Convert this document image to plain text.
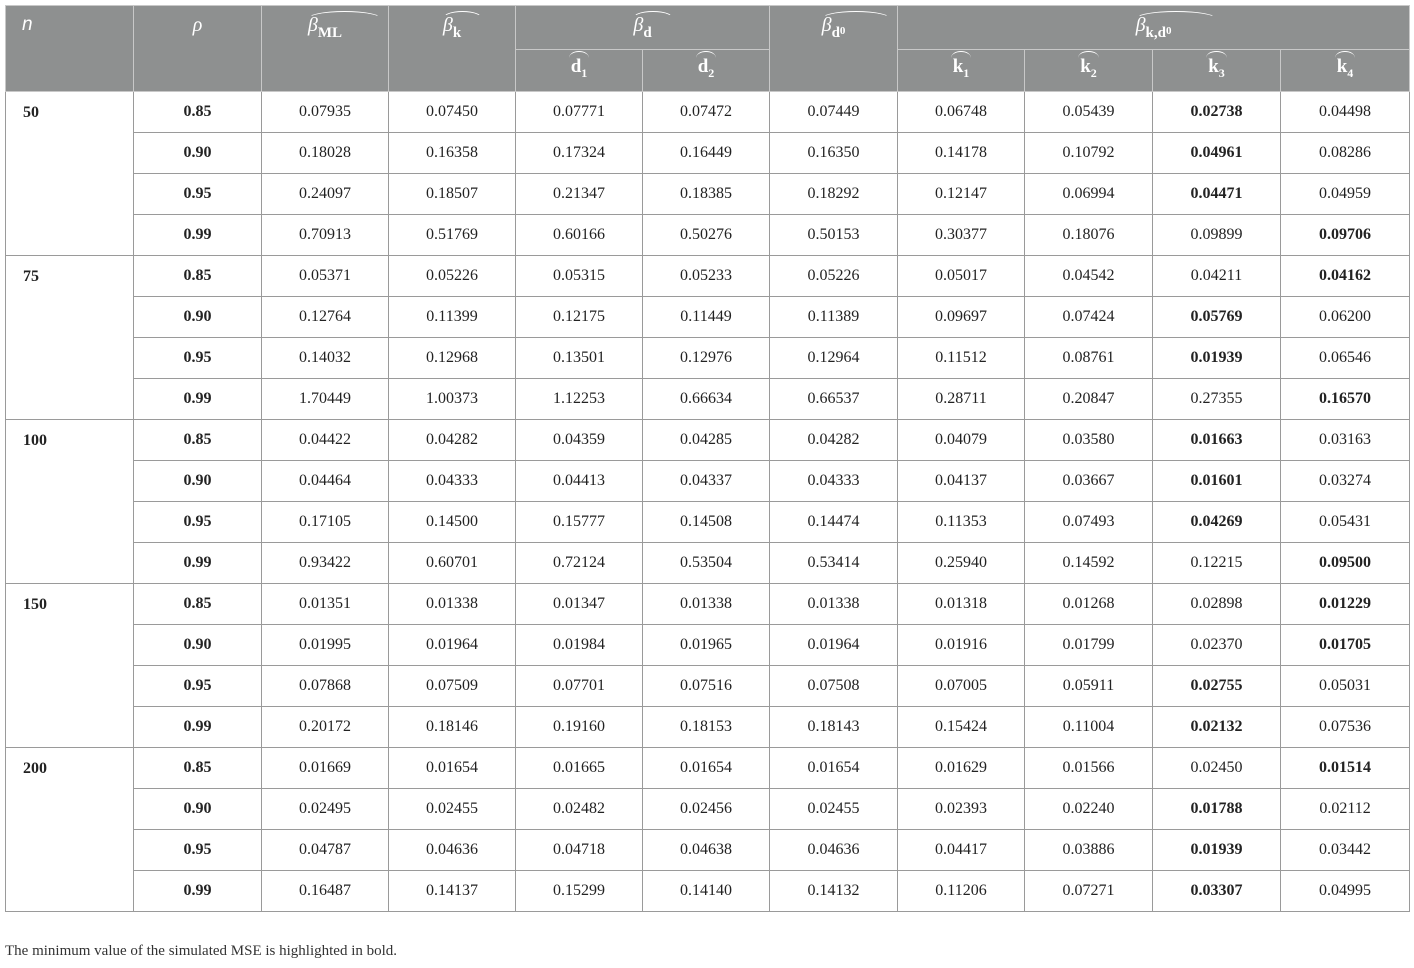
n	ρ	$\beta_{ML}$	$\beta_k$	$\beta_d$		$\beta_d0$	$\beta_{k,d}0$			
				$d_1$	$d_2$		$k_1$	$k_2$	$k_3$	$k_4$
50	0.85	0.07935	0.07450	0.07771	0.07472	0.07449	0.06748	0.05439	0.02738	0.04498
	0.90	0.18028	0.16358	0.17324	0.16449	0.16350	0.14178	0.10792	0.04961	0.08286
	0.95	0.24097	0.18507	0.21347	0.18385	0.18292	0.12147	0.06994	0.04471	0.04959
	0.99	0.70913	0.51769	0.60166	0.50276	0.50153	0.30377	0.18076	0.09899	0.09706
75	0.85	0.05371	0.05226	0.05315	0.05233	0.05226	0.05017	0.04542	0.04211	0.04162
	0.90	0.12764	0.11399	0.12175	0.11449	0.11389	0.09697	0.07424	0.05769	0.06200
	0.95	0.14032	0.12968	0.13501	0.12976	0.12964	0.11512	0.08761	0.01939	0.06546
	0.99	1.70449	1.00373	1.12253	0.66634	0.66537	0.28711	0.20847	0.27355	0.16570
100	0.85	0.04422	0.04282	0.04359	0.04285	0.04282	0.04079	0.03580	0.01663	0.03163
	0.90	0.04464	0.04333	0.04413	0.04337	0.04333	0.04137	0.03667	0.01601	0.03274
	0.95	0.17105	0.14500	0.15777	0.14508	0.14474	0.11353	0.07493	0.04269	0.05431
	0.99	0.93422	0.60701	0.72124	0.53504	0.53414	0.25940	0.14592	0.12215	0.09500
150	0.85	0.01351	0.01338	0.01347	0.01338	0.01338	0.01318	0.01268	0.02898	0.01229
	0.90	0.01995	0.01964	0.01984	0.01965	0.01964	0.01916	0.01799	0.02370	0.01705
	0.95	0.07868	0.07509	0.07701	0.07516	0.07508	0.07005	0.05911	0.02755	0.05031
	0.99	0.20172	0.18146	0.19160	0.18153	0.18143	0.15424	0.11004	0.02132	0.07536
200	0.85	0.01669	0.01654	0.01665	0.01654	0.01654	0.01629	0.01566	0.02450	0.01514
	0.90	0.02495	0.02455	0.02482	0.02456	0.02455	0.02393	0.02240	0.01788	0.02112
	0.95	0.04787	0.04636	0.04718	0.04638	0.04636	0.04417	0.03886	0.01939	0.03442
	0.99	0.16487	0.14137	0.15299	0.14140	0.14132	0.11206	0.07271	0.03307	0.04995
The minimum value of the simulated MSE is highlighted in bold.
